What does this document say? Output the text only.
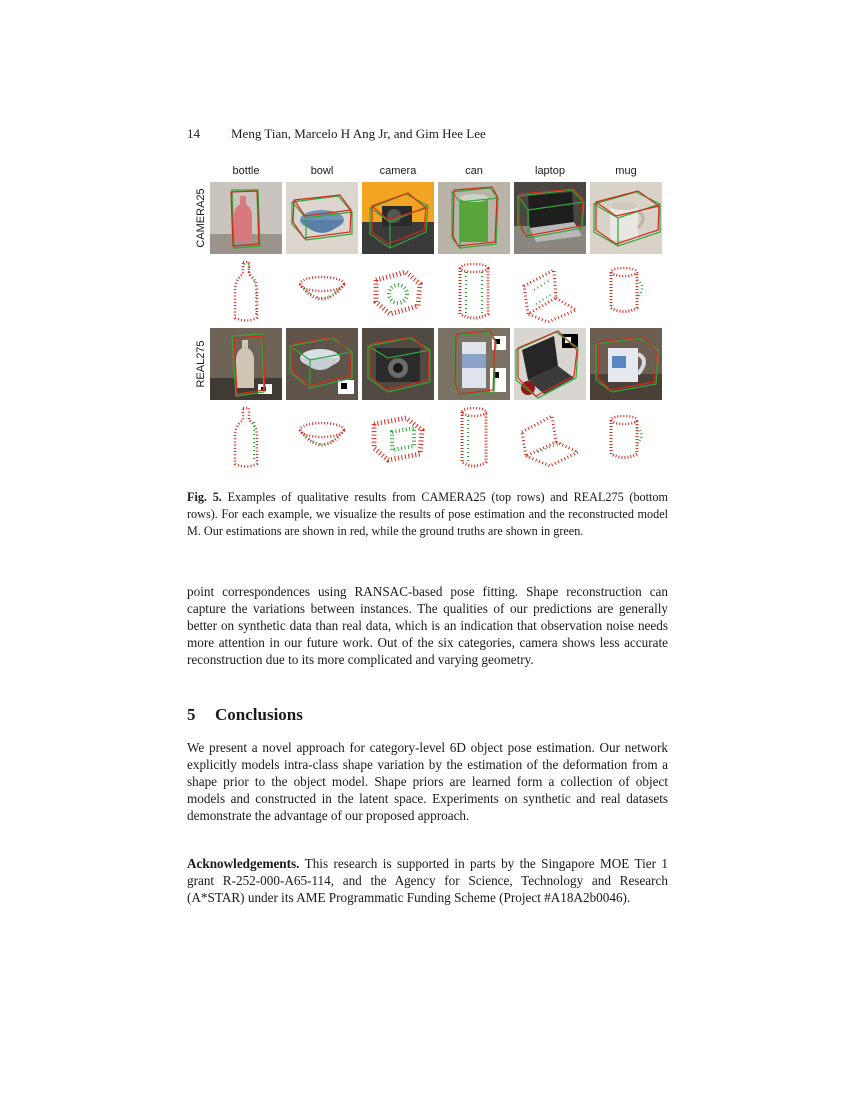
14 Meng Tian, Marcelo H Ang Jr, and Gim Hee Lee
bottle	bowl	camera	can	laptop	mug
CAMERA25
REAL275
Fig. 5. Examples of qualitative results from CAMERA25 (top rows) and REAL275 (bottom rows). For each example, we visualize the results of pose estimation and the reconstructed model M. Our estimations are shown in red, while the ground truths are shown in green.
point correspondences using RANSAC-based pose fitting. Shape reconstruction can capture the variations between instances. The qualities of our predictions are generally better on synthetic data than real data, which is an indication that observation noise needs more attention in our future work. Out of the six categories, camera shows less accurate reconstruction due to its more complicated and varying geometry.
5 Conclusions
We present a novel approach for category-level 6D object pose estimation. Our network explicitly models intra-class shape variation by the estimation of the deformation from a shape prior to the object model. Shape priors are learned form a collection of object models and constructed in the latent space. Experiments on synthetic and real datasets demonstrate the advantage of our proposed approach.
Acknowledgements. This research is supported in parts by the Singapore MOE Tier 1 grant R-252-000-A65-114, and the Agency for Science, Technology and Research (A*STAR) under its AME Programmatic Funding Scheme (Project #A18A2b0046).
